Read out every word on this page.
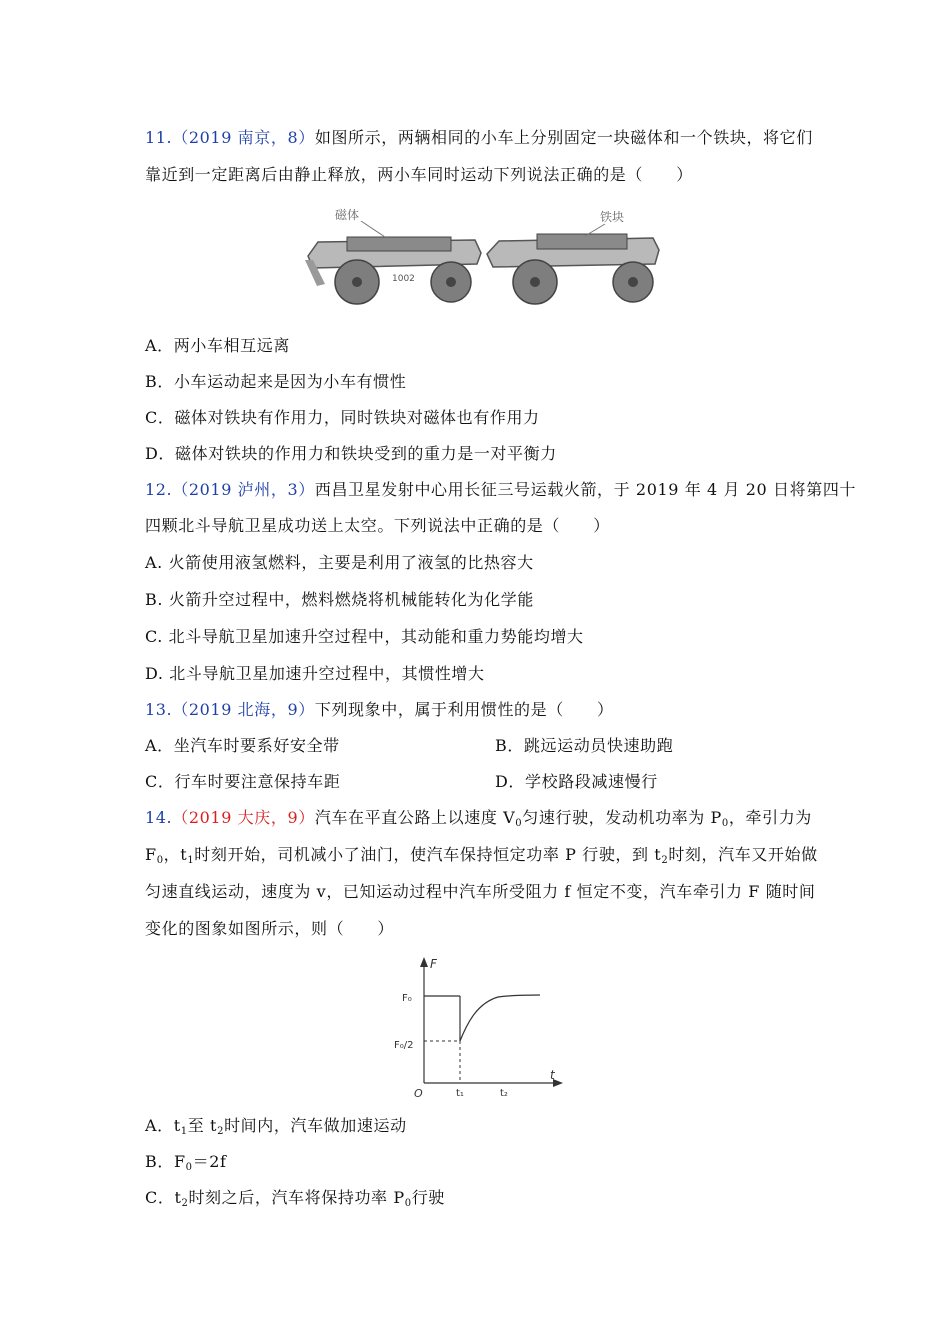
11.（2019 南京，8）如图所示，两辆相同的小车上分别固定一块磁体和一个铁块，将它们
靠近到一定距离后由静止释放，两小车同时运动下列说法正确的是（　　）
1002
磁体	铁块
A．两小车相互远离
B．小车运动起来是因为小车有惯性
C．磁体对铁块有作用力，同时铁块对磁体也有作用力
D．磁体对铁块的作用力和铁块受到的重力是一对平衡力
12.（2019 泸州，3）西昌卫星发射中心用长征三号运载火箭，于 2019 年 4 月 20 日将第四十
四颗北斗导航卫星成功送上太空。下列说法中正确的是（　　）
A. 火箭使用液氢燃料，主要是利用了液氢的比热容大
B. 火箭升空过程中，燃料燃烧将机械能转化为化学能
C. 北斗导航卫星加速升空过程中，其动能和重力势能均增大
D. 北斗导航卫星加速升空过程中，其惯性增大
13.（2019 北海，9）下列现象中，属于利用惯性的是（　　）
A．坐汽车时要系好安全带	B．跳远运动员快速助跑
C．行车时要注意保持车距	D．学校路段减速慢行
14.（2019 大庆，9）汽车在平直公路上以速度 $V_0$匀速行驶，发动机功率为 $P_0$，牵引力为
$F_0$，$t_1$时刻开始，司机减小了油门，使汽车保持恒定功率 P 行驶，到 $t_2$时刻，汽车又开始做
匀速直线运动，速度为 v，已知运动过程中汽车所受阻力 f 恒定不变，汽车牵引力 F 随时间
变化的图象如图所示，则（　　）
F
t
O
F₀
F₀/2
t₁	t₂
A．$t_1$至 $t_2$时间内，汽车做加速运动
B．$F_0=2f$
C．$t_2$时刻之后，汽车将保持功率 $P_0$行驶
